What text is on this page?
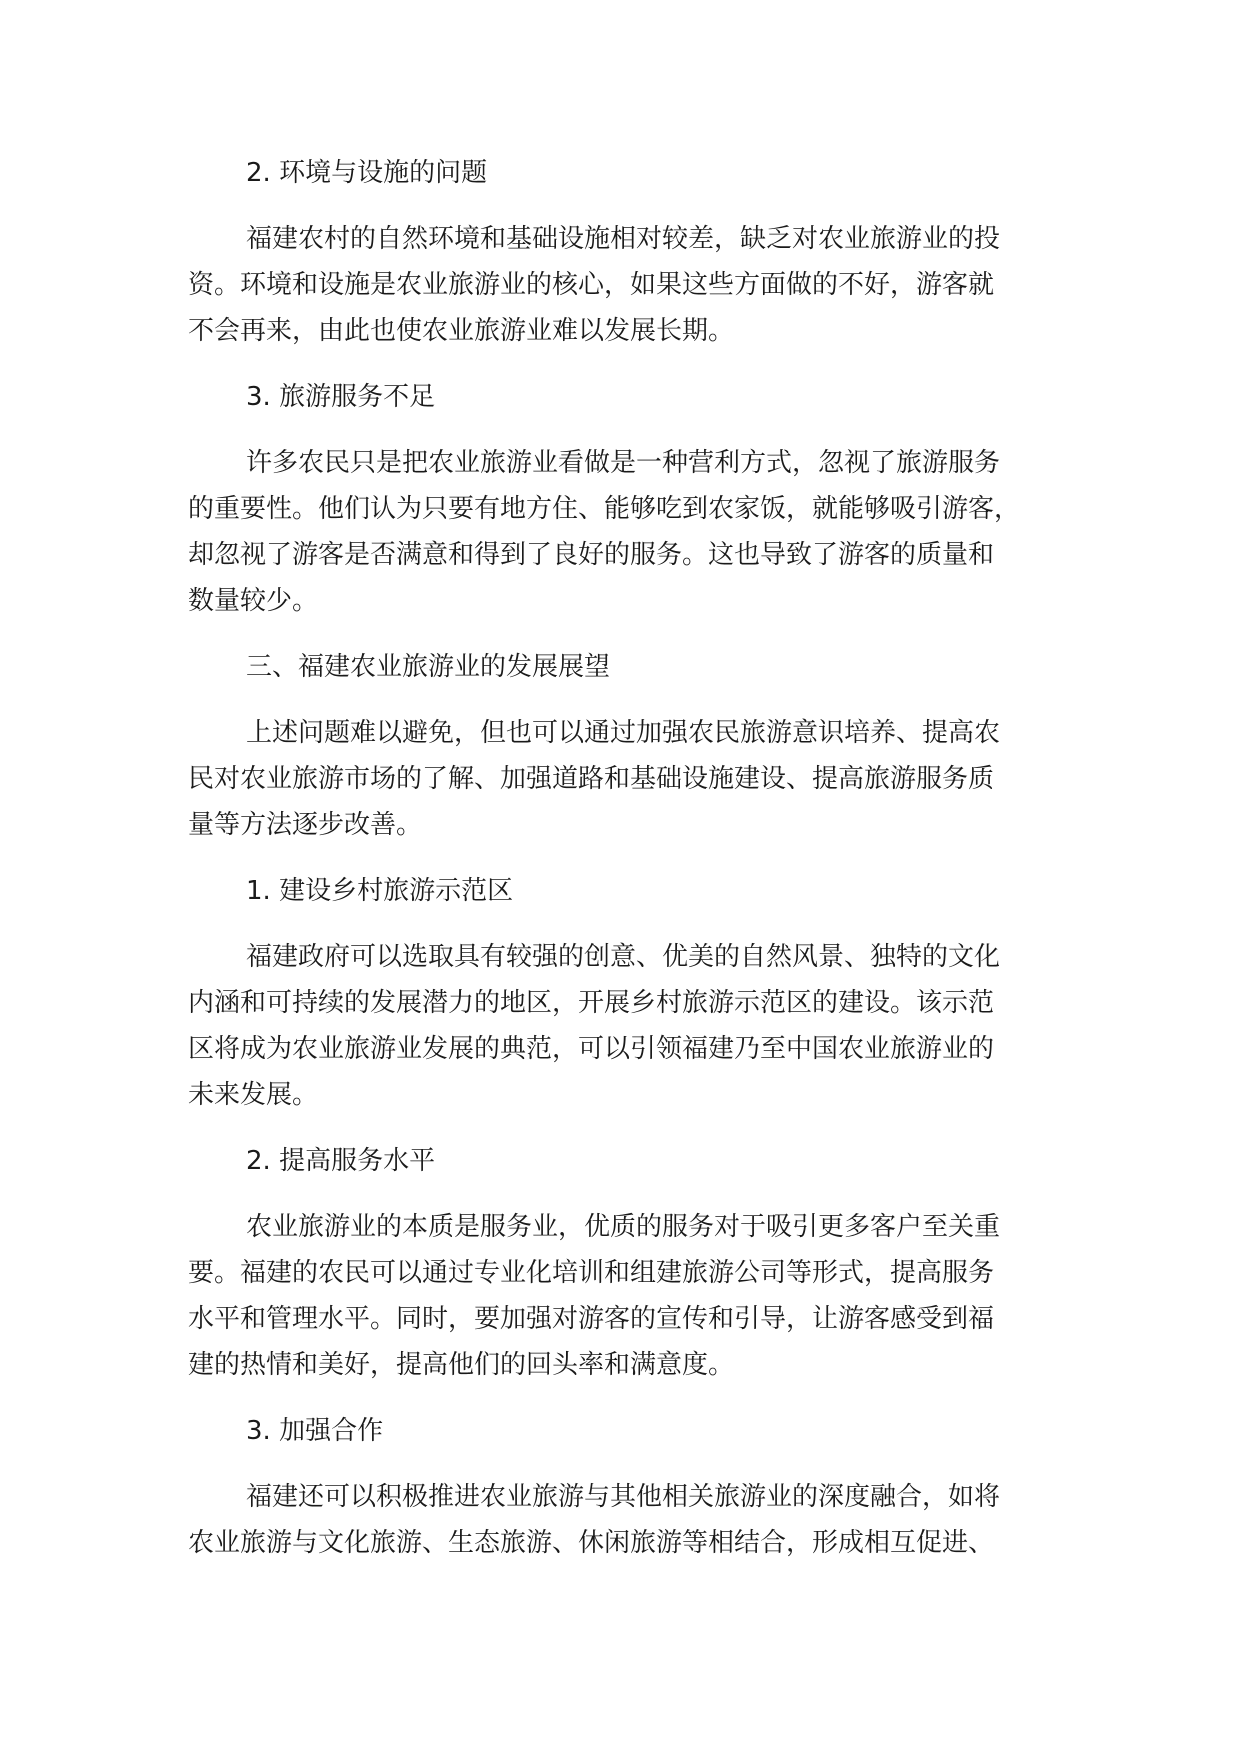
2. 环境与设施的问题
福建农村的自然环境和基础设施相对较差，缺乏对农业旅游业的投
资。环境和设施是农业旅游业的核心，如果这些方面做的不好，游客就
不会再来，由此也使农业旅游业难以发展长期。
3. 旅游服务不足
许多农民只是把农业旅游业看做是一种营利方式，忽视了旅游服务
的重要性。他们认为只要有地方住、能够吃到农家饭，就能够吸引游客，
却忽视了游客是否满意和得到了良好的服务。这也导致了游客的质量和
数量较少。
三、福建农业旅游业的发展展望
上述问题难以避免，但也可以通过加强农民旅游意识培养、提高农
民对农业旅游市场的了解、加强道路和基础设施建设、提高旅游服务质
量等方法逐步改善。
1. 建设乡村旅游示范区
福建政府可以选取具有较强的创意、优美的自然风景、独特的文化
内涵和可持续的发展潜力的地区，开展乡村旅游示范区的建设。该示范
区将成为农业旅游业发展的典范，可以引领福建乃至中国农业旅游业的
未来发展。
2. 提高服务水平
农业旅游业的本质是服务业，优质的服务对于吸引更多客户至关重
要。福建的农民可以通过专业化培训和组建旅游公司等形式，提高服务
水平和管理水平。同时，要加强对游客的宣传和引导，让游客感受到福
建的热情和美好，提高他们的回头率和满意度。
3. 加强合作
福建还可以积极推进农业旅游与其他相关旅游业的深度融合，如将
农业旅游与文化旅游、生态旅游、休闲旅游等相结合，形成相互促进、
